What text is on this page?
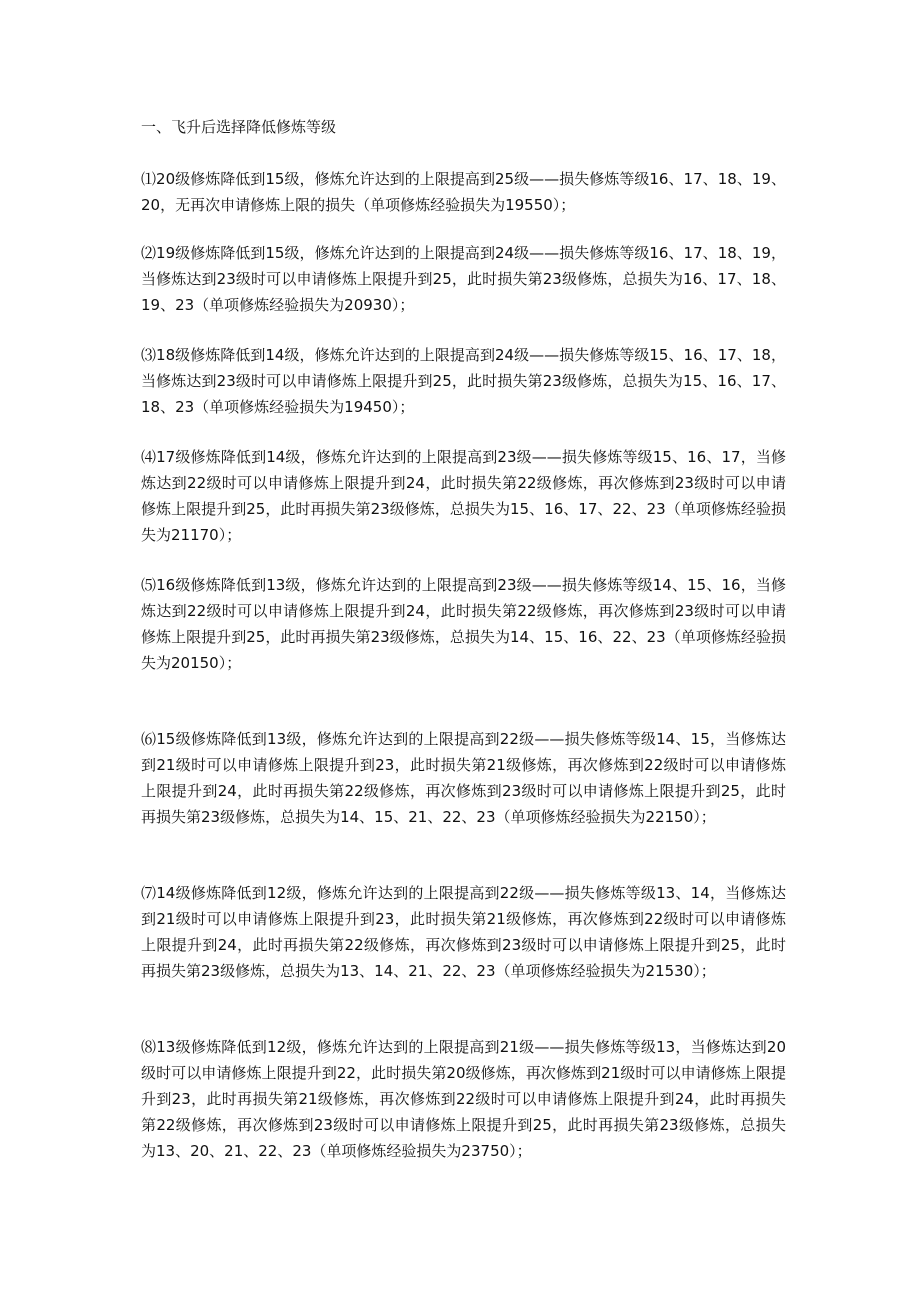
一、飞升后选择降低修炼等级

⑴20级修炼降低到15级，修炼允许达到的上限提高到25级——损失修炼等级16、17、18、19、20，无再次申请修炼上限的损失（单项修炼经验损失为19550）；

⑵19级修炼降低到15级，修炼允许达到的上限提高到24级——损失修炼等级16、17、18、19，当修炼达到23级时可以申请修炼上限提升到25，此时损失第23级修炼，总损失为16、17、18、19、23（单项修炼经验损失为20930）；

⑶18级修炼降低到14级，修炼允许达到的上限提高到24级——损失修炼等级15、16、17、18，当修炼达到23级时可以申请修炼上限提升到25，此时损失第23级修炼，总损失为15、16、17、18、23（单项修炼经验损失为19450）；

⑷17级修炼降低到14级，修炼允许达到的上限提高到23级——损失修炼等级15、16、17，当修炼达到22级时可以申请修炼上限提升到24，此时损失第22级修炼，再次修炼到23级时可以申请修炼上限提升到25，此时再损失第23级修炼，总损失为15、16、17、22、23（单项修炼经验损失为21170）；

⑸16级修炼降低到13级，修炼允许达到的上限提高到23级——损失修炼等级14、15、16，当修炼达到22级时可以申请修炼上限提升到24，此时损失第22级修炼，再次修炼到23级时可以申请修炼上限提升到25，此时再损失第23级修炼，总损失为14、15、16、22、23（单项修炼经验损失为20150）；

⑹15级修炼降低到13级，修炼允许达到的上限提高到22级——损失修炼等级14、15，当修炼达到21级时可以申请修炼上限提升到23，此时损失第21级修炼，再次修炼到22级时可以申请修炼上限提升到24，此时再损失第22级修炼，再次修炼到23级时可以申请修炼上限提升到25，此时再损失第23级修炼，总损失为14、15、21、22、23（单项修炼经验损失为22150）；

⑺14级修炼降低到12级，修炼允许达到的上限提高到22级——损失修炼等级13、14，当修炼达到21级时可以申请修炼上限提升到23，此时损失第21级修炼，再次修炼到22级时可以申请修炼上限提升到24，此时再损失第22级修炼，再次修炼到23级时可以申请修炼上限提升到25，此时再损失第23级修炼，总损失为13、14、21、22、23（单项修炼经验损失为21530）；

⑻13级修炼降低到12级，修炼允许达到的上限提高到21级——损失修炼等级13，当修炼达到20级时可以申请修炼上限提升到22，此时损失第20级修炼，再次修炼到21级时可以申请修炼上限提升到23，此时再损失第21级修炼，再次修炼到22级时可以申请修炼上限提升到24，此时再损失第22级修炼，再次修炼到23级时可以申请修炼上限提升到25，此时再损失第23级修炼，总损失为13、20、21、22、23（单项修炼经验损失为23750）；
